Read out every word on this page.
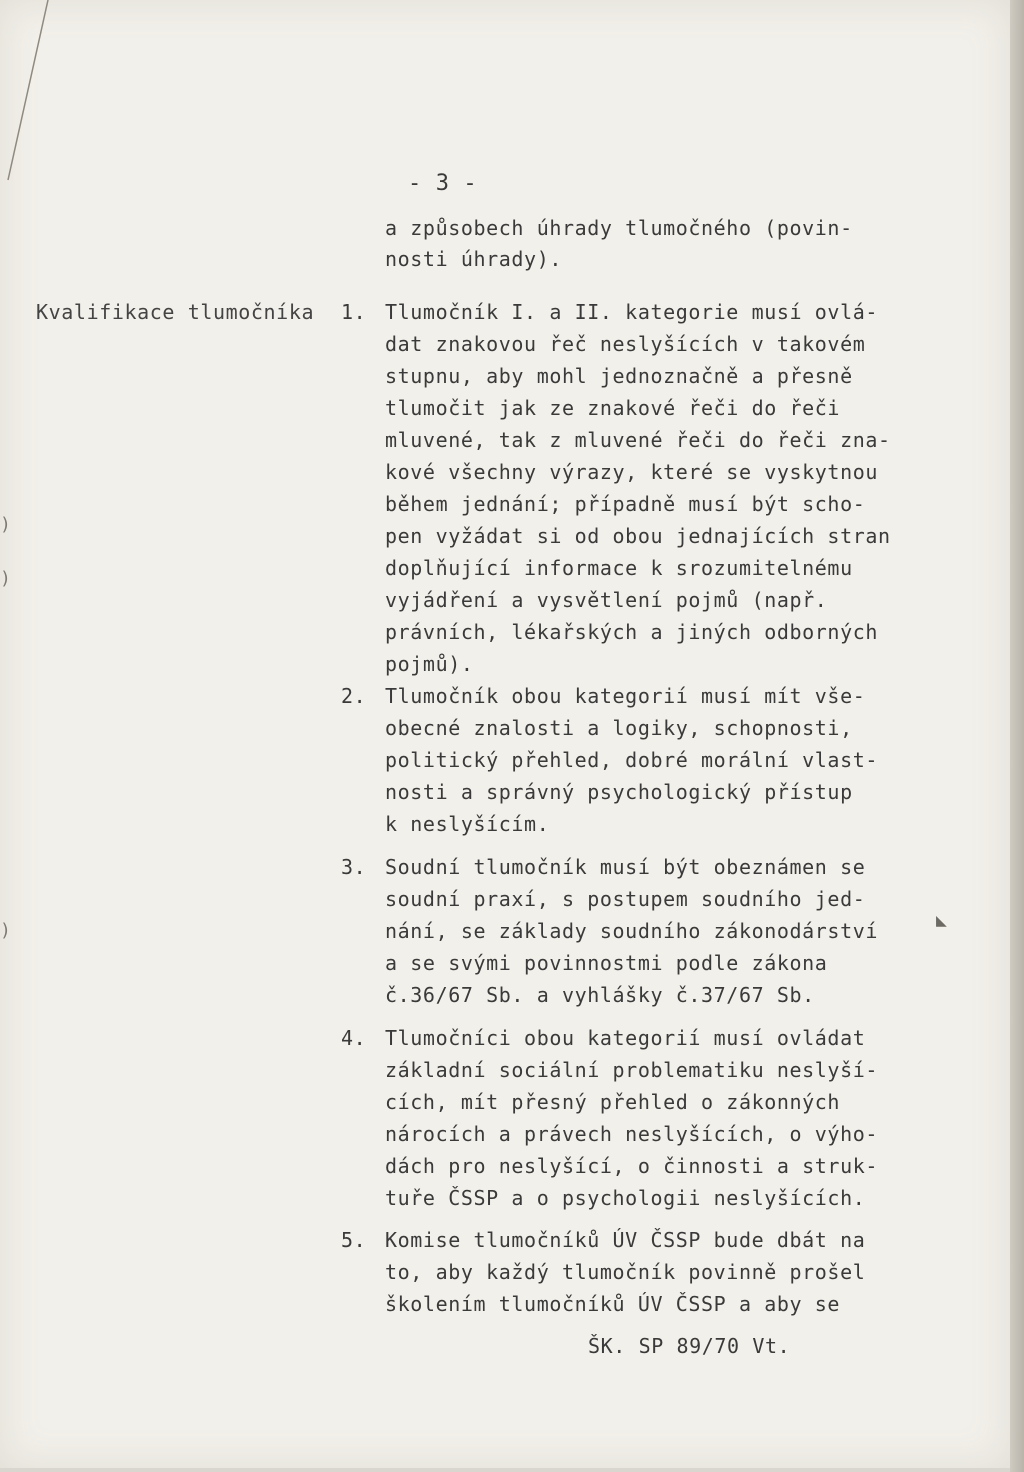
- 3 -
a způsobech úhrady tlumočného (povin-
nosti úhrady).
Kvalifikace tlumočníka 1. Tlumočník I. a II. kategorie musí ovlá-
dat znakovou řeč neslyšících v takovém
stupnu, aby mohl jednoznačně a přesně
tlumočit jak ze znakové řeči do řeči
mluvené, tak z mluvené řeči do řeči zna-
kové všechny výrazy, které se vyskytnou
během jednání; případně musí být scho-
pen vyžádat si od obou jednajících stran
doplňující informace k srozumitelnému
vyjádření a vysvětlení pojmů (např.
právních, lékařských a jiných odborných
pojmů).
2. Tlumočník obou kategorií musí mít vše-
obecné znalosti a logiky, schopnosti,
politický přehled, dobré morální vlast-
nosti a správný psychologický přístup
k neslyšícím.
3. Soudní tlumočník musí být obeznámen se
soudní praxí, s postupem soudního jed-
nání, se základy soudního zákonodárství
a se svými povinnostmi podle zákona
č.36/67 Sb. a vyhlášky č.37/67 Sb.
4. Tlumočníci obou kategorií musí ovládat
základní sociální problematiku neslyší-
cích, mít přesný přehled o zákonných
nárocích a právech neslyšících, o výho-
dách pro neslyšící, o činnosti a struk-
tuře ČSSP a o psychologii neslyšících.
5. Komise tlumočníků ÚV ČSSP bude dbát na
to, aby každý tlumočník povinně prošel
školením tlumočníků ÚV ČSSP a aby se
ŠK. SP 89/70 Vt.
)
)
)	◣
